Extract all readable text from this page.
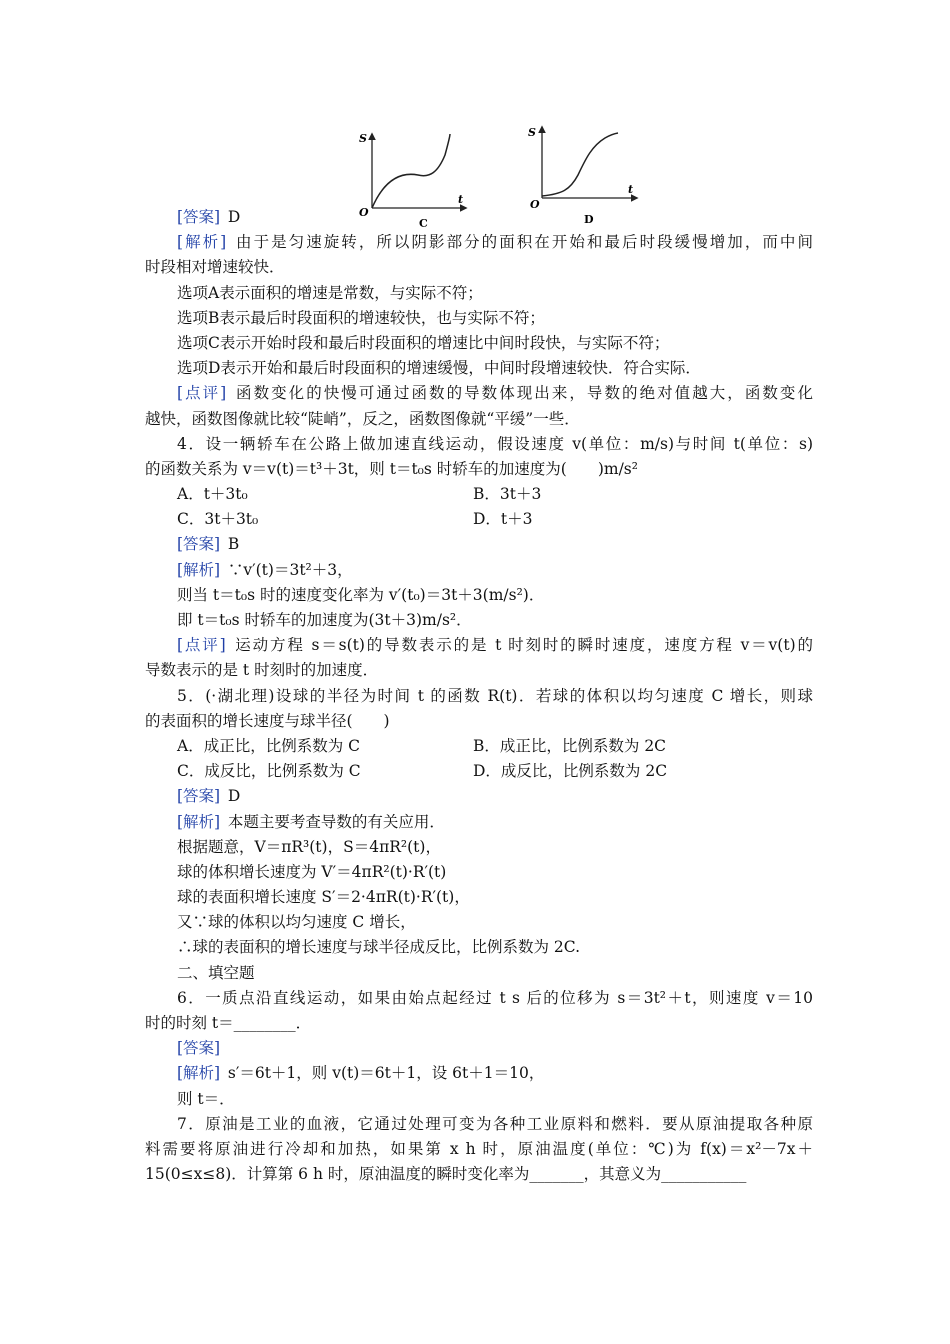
S
O
t
C
S
O
t
D
[答案]  D
[解析]  由于是匀速旋转，所以阴影部分的面积在开始和最后时段缓慢增加，而中间
时段相对增速较快．
选项A表示面积的增速是常数，与实际不符；
选项B表示最后时段面积的增速较快，也与实际不符；
选项C表示开始时段和最后时段面积的增速比中间时段快，与实际不符；
选项D表示开始和最后时段面积的增速缓慢，中间时段增速较快．符合实际．
[点评]  函数变化的快慢可通过函数的导数体现出来，导数的绝对值越大，函数变化
越快，函数图像就比较“陡峭”，反之，函数图像就“平缓”一些．
4．设一辆轿车在公路上做加速直线运动，假设速度 v(单位：m/s)与时间 t(单位：s)
的函数关系为 v＝v(t)＝t³＋3t，则 t＝t₀s 时轿车的加速度为(　　)m/s²
A．t＋3t₀	B．3t＋3
C．3t＋3t₀	D．t＋3
[答案]  B
[解析]  ∵v′(t)＝3t²＋3，
则当 t＝t₀s 时的速度变化率为 v′(t₀)＝3t＋3(m/s²)．
即 t＝t₀s 时轿车的加速度为(3t＋3)m/s²．
[点评]  运动方程 s＝s(t)的导数表示的是 t 时刻时的瞬时速度，速度方程 v＝v(t)的
导数表示的是 t 时刻时的加速度．
5．(·湖北理)设球的半径为时间 t 的函数 R(t)．若球的体积以均匀速度 C 增长，则球
的表面积的增长速度与球半径(　　)
A．成正比，比例系数为 C	B．成正比，比例系数为 2C
C．成反比，比例系数为 C	D．成反比，比例系数为 2C
[答案]  D
[解析]  本题主要考查导数的有关应用．
根据题意，V＝πR³(t)，S＝4πR²(t)，
球的体积增长速度为 V′＝4πR²(t)·R′(t)
球的表面积增长速度 S′＝2·4πR(t)·R′(t)，
又∵球的体积以均匀速度 C 增长，
∴球的表面积的增长速度与球半径成反比，比例系数为 2C.
二、填空题
6．一质点沿直线运动，如果由始点起经过 t s 后的位移为 s＝3t²＋t，则速度 v＝10
时的时刻 t＝________．
[答案] 
[解析]  s′＝6t＋1，则 v(t)＝6t＋1，设 6t＋1＝10，
则 t＝．
7．原油是工业的血液，它通过处理可变为各种工业原料和燃料．要从原油提取各种原
料需要将原油进行冷却和加热，如果第 x h 时，原油温度(单位：℃)为 f(x)＝x²－7x＋
15(0≤x≤8)．计算第 6 h 时，原油温度的瞬时变化率为_______，其意义为___________
